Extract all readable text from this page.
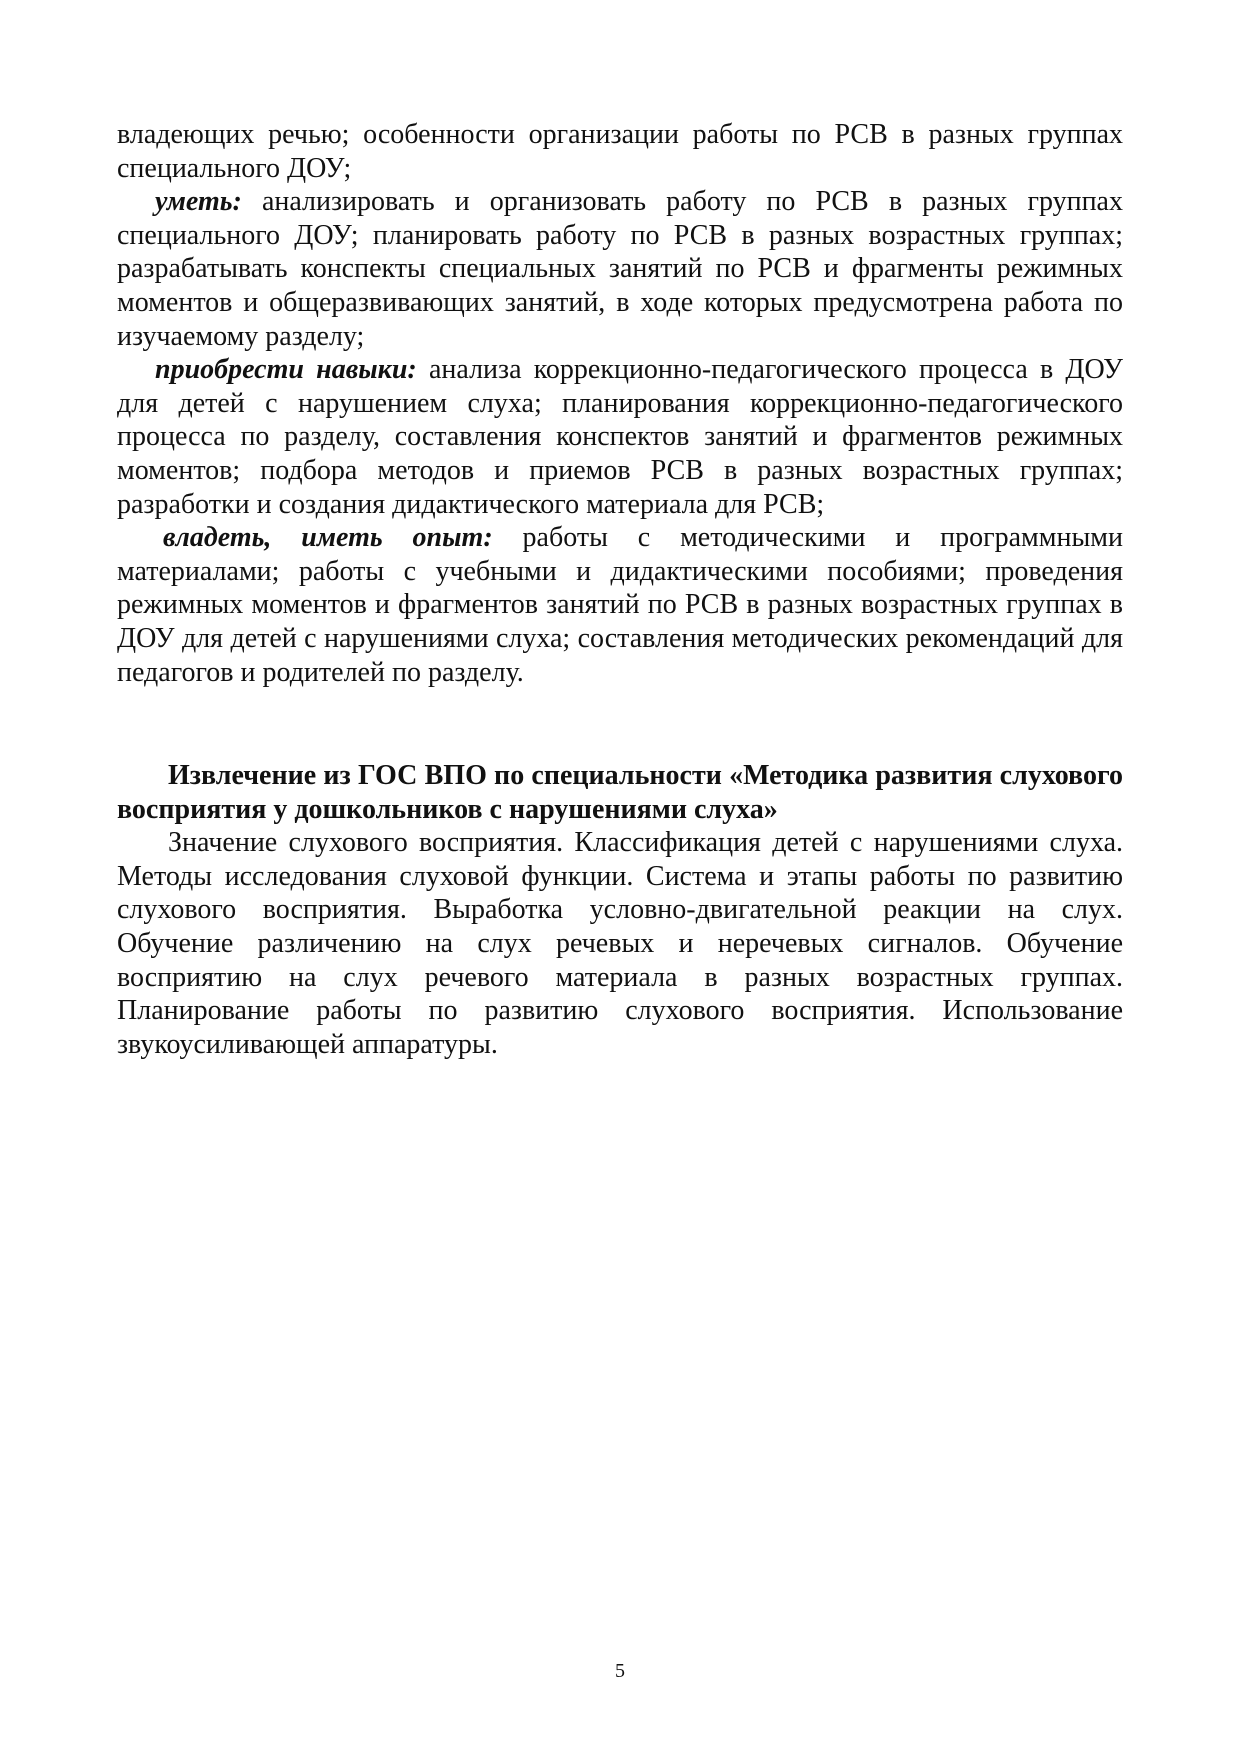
владеющих речью; особенности организации работы по РСВ в разных группах специального ДОУ;

уметь: анализировать и организовать работу по РСВ в разных группах специального ДОУ; планировать работу по РСВ в разных возрастных группах; разрабатывать конспекты специальных занятий по РСВ и фрагменты режимных моментов и общеразвивающих занятий, в ходе которых предусмотрена работа по изучаемому разделу;

приобрести навыки: анализа коррекционно-педагогического процесса в ДОУ для детей с нарушением слуха; планирования коррекционно-педагогического процесса по разделу, составления конспектов занятий и фрагментов режимных моментов; подбора методов и приемов РСВ в разных возрастных группах; разработки и создания дидактического материала для РСВ;

владеть, иметь опыт: работы с методическими и программными материалами; работы с учебными и дидактическими пособиями; проведения режимных моментов и фрагментов занятий по РСВ в разных возрастных группах в ДОУ для детей с нарушениями слуха; составления методических рекомендаций для педагогов и родителей по разделу.

Извлечение из ГОС ВПО по специальности «Методика развития слухового восприятия у дошкольников с нарушениями слуха»

Значение слухового восприятия. Классификация детей с нарушениями слуха. Методы исследования слуховой функции. Система и этапы работы по развитию слухового восприятия. Выработка условно-двигательной реакции на слух. Обучение различению на слух речевых и неречевых сигналов. Обучение восприятию на слух речевого материала в разных возрастных группах. Планирование работы по развитию слухового восприятия. Использование звукоусиливающей аппаратуры.

5
